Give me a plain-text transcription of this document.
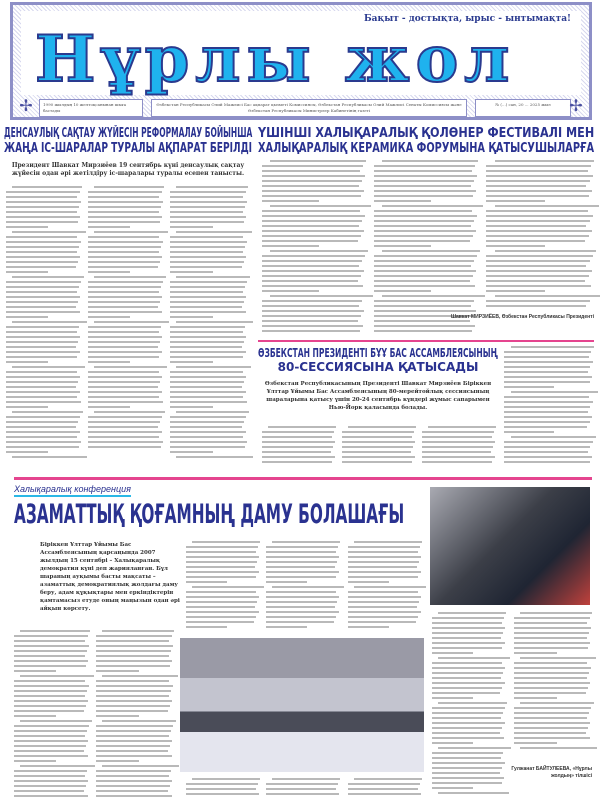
Бақыт - достықта, ырыс - ынтымақта!
Нұрлы жол
✢	1990 жылдың 10 желтоқсанынан шыға бастады
Өзбекстан Республикасы Олий Мажлисі Бас ақпарат қызметі Комиссиясы, Өзбекстан Республикасы Олий Мажлисі Сенаты Комиссиясы және Өзбекстан Республикасы Министрлер Кабинетінің газеті
№ (...) сан, 20 ... 2025 жыл	✢
ДЕНСАУЛЫҚ САҚТАУ ЖҮЙЕСІН РЕФОРМАЛАУ БОЙЫНША
ЖАҢА ІС-ШАРАЛАР ТУРАЛЫ АҚПАРАТ БЕРІЛДІ
Президент Шавкат Мирзиёев 19 сентябрь күні денсаулық сақтау жүйесін одан әрі жетілдіру іс-шаралары туралы есепен танысты.
ҮШІНШІ ХАЛЫҚАРАЛЫҚ ҚОЛӨНЕР ФЕСТИВАЛІ МЕН
ХАЛЫҚАРАЛЫҚ КЕРАМИКА ФОРУМЫНА ҚАТЫСУШЫЛАРҒА
Шавкат МИРЗИЁЕВ, Өзбекстан Республикасы Президенті
ӨЗБЕКСТАН ПРЕЗИДЕНТІ БҰҰ БАС АССАМБЛЕЯСЫНЫҢ
80-СЕССИЯСЫНА ҚАТЫСАДЫ
Өзбекстан Республикасының Президенті Шавкат Мирзиёев Біріккен Ұлттар Ұйымы Бас Ассамблеясының 80-мерейтойлық сессиясының шараларына қатысу үшін 20-24 сентябрь күндері жұмыс сапарымен Нью-Йорк қаласында болады.
Халықаралық конференция
АЗАМАТТЫҚ ҚОҒАМНЫҢ ДАМУ БОЛАШАҒЫ
Біріккен Ұлттар Ұйымы Бас Ассамблеясының қарсаңында 2007 жылдың 15 сентябрі – Халықаралық демократия күні деп жарияланған. Бұл шараның ауқымы басты мақсаты – азаматтық демократиялық жолдағы даму беру, адам құқықтары мен еркіндіктерін қамтамасыз етуде оның маңызын одан әрі айқын көрсету.
Гулжанат БАЙТУЛЕЕВА, «Нұрлы жолдың» тілшісі
